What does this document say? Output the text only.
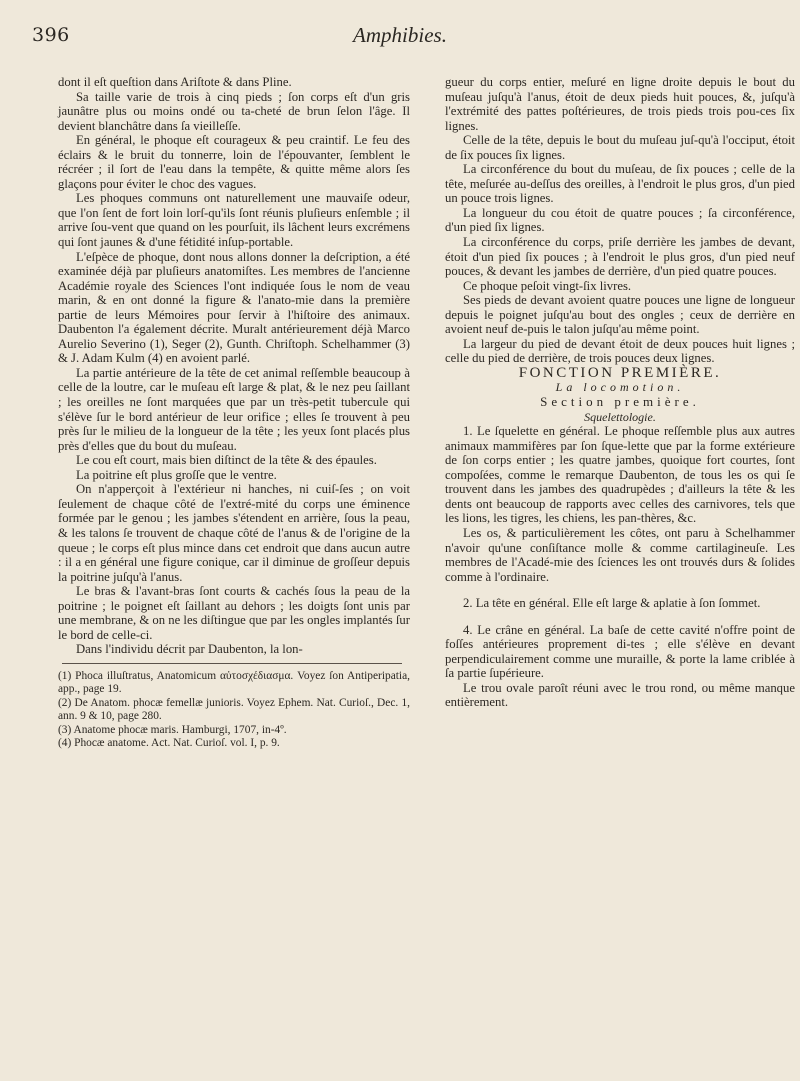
396	Amphibies.

dont il eſt queſtion dans Ariſtote & dans Pline.

Sa taille varie de trois à cinq pieds ; ſon corps eſt d'un gris jaunâtre plus ou moins ondé ou ta-cheté de brun ſelon l'âge. Il devient blanchâtre dans ſa vieilleſſe.

En général, le phoque eſt courageux & peu craintif. Le feu des éclairs & le bruit du tonnerre, loin de l'épouvanter, ſemblent le récréer ; il ſort de l'eau dans la tempête, & quitte même alors ſes glaçons pour éviter le choc des vagues.

Les phoques communs ont naturellement une mauvaiſe odeur, que l'on ſent de fort loin lorſ-qu'ils ſont réunis pluſieurs enſemble ; il arrive ſou-vent que quand on les pourſuit, ils lâchent leurs excrémens qui ſont jaunes & d'une fétidité inſup-portable.

L'eſpèce de phoque, dont nous allons donner la deſcription, a été examinée déjà par pluſieurs anatomiſtes. Les membres de l'ancienne Académie royale des Sciences l'ont indiquée ſous le nom de veau marin, & en ont donné la figure & l'anato-mie dans la première partie de leurs Mémoires pour ſervir à l'hiſtoire des animaux. Daubenton l'a également décrite. Muralt antérieurement déjà Marco Aurelio Severino (1), Seger (2), Gunth. Chriſtoph. Schelhammer (3) & J. Adam Kulm (4) en avoient parlé.

La partie antérieure de la tête de cet animal reſſemble beaucoup à celle de la loutre, car le muſeau eſt large & plat, & le nez peu ſaillant ; les oreilles ne ſont marquées que par un très-petit tubercule qui s'élève ſur le bord antérieur de leur orifice ; elles ſe trouvent à peu près ſur le milieu de la longueur de la tête ; les yeux ſont placés plus près d'elles que du bout du muſeau.

Le cou eſt court, mais bien diſtinct de la tête & des épaules.

La poitrine eſt plus groſſe que le ventre.

On n'apperçoit à l'extérieur ni hanches, ni cuiſ-ſes ; on voit ſeulement de chaque côté de l'extré-mité du corps une éminence formée par le genou ; les jambes s'étendent en arrière, ſous la peau, & les talons ſe trouvent de chaque côté de l'anus & de l'origine de la queue ; le corps eſt plus mince dans cet endroit que dans aucun autre : il a en général une figure conique, car il diminue de groſſeur depuis la poitrine juſqu'à l'anus.

Le bras & l'avant-bras ſont courts & cachés ſous la peau de la poitrine ; le poignet eſt ſaillant au dehors ; les doigts ſont unis par une membrane, & on ne les diſtingue que par les ongles implantés ſur le bord de celle-ci.

Dans l'individu décrit par Daubenton, la lon-

(1) Phoca illuſtratus, Anatomicum αὐτοσχέδιασμα. Voyez ſon Antiperipatia, app., page 19.

(2) De Anatom. phocæ femellæ junioris. Voyez Ephem. Nat. Curioſ., Dec. 1, ann. 9 & 10, page 280.

(3) Anatome phocæ maris. Hamburgi, 1707, in-4º.

(4) Phocæ anatome. Act. Nat. Curioſ. vol. I, p. 9.

gueur du corps entier, meſuré en ligne droite depuis le bout du muſeau juſqu'à l'anus, étoit de deux pieds huit pouces, &, juſqu'à l'extrémité des pattes poſtérieures, de trois pieds trois pou-ces ſix lignes.

Celle de la tête, depuis le bout du muſeau juſ-qu'à l'occiput, étoit de ſix pouces ſix lignes.

La circonférence du bout du muſeau, de ſix pouces ; celle de la tête, meſurée au-deſſus des oreilles, à l'endroit le plus gros, d'un pied un pouce trois lignes.

La longueur du cou étoit de quatre pouces ; ſa circonférence, d'un pied ſix lignes.

La circonférence du corps, priſe derrière les jambes de devant, étoit d'un pied ſix pouces ; à l'endroit le plus gros, d'un pied neuf pouces, & devant les jambes de derrière, d'un pied quatre pouces.

Ce phoque peſoit vingt-ſix livres.

Ses pieds de devant avoient quatre pouces une ligne de longueur depuis le poignet juſqu'au bout des ongles ; ceux de derrière en avoient neuf de-puis le talon juſqu'au même point.

La largeur du pied de devant étoit de deux pouces huit lignes ; celle du pied de derrière, de trois pouces deux lignes.

FONCTION PREMIÈRE.

La locomotion.

Section première.

Squelettologie.

1. Le ſquelette en général. Le phoque reſſemble plus aux autres animaux mammifères par ſon ſque-lette que par la forme extérieure de ſon corps entier ; les quatre jambes, quoique fort courtes, ſont compoſées, comme le remarque Daubenton, de tous les os qui ſe trouvent dans les jambes des quadrupèdes ; d'ailleurs la tête & les dents ont beaucoup de rapports avec celles des carnivores, tels que les lions, les tigres, les chiens, les pan-thères, &c.

Les os, & particulièrement les côtes, ont paru à Schelhammer n'avoir qu'une conſiſtance molle & comme cartilagineuſe. Les membres de l'Acadé-mie des ſciences les ont trouvés durs & ſolides comme à l'ordinaire.

2. La tête en général. Elle eſt large & aplatie à ſon ſommet.

4. Le crâne en général. La baſe de cette cavité n'offre point de foſſes antérieures proprement di-tes ; elle s'élève en devant perpendiculairement comme une muraille, & porte la lame criblée à ſa partie ſupérieure.

Le trou ovale paroît réuni avec le trou rond, ou même manque entièrement.
